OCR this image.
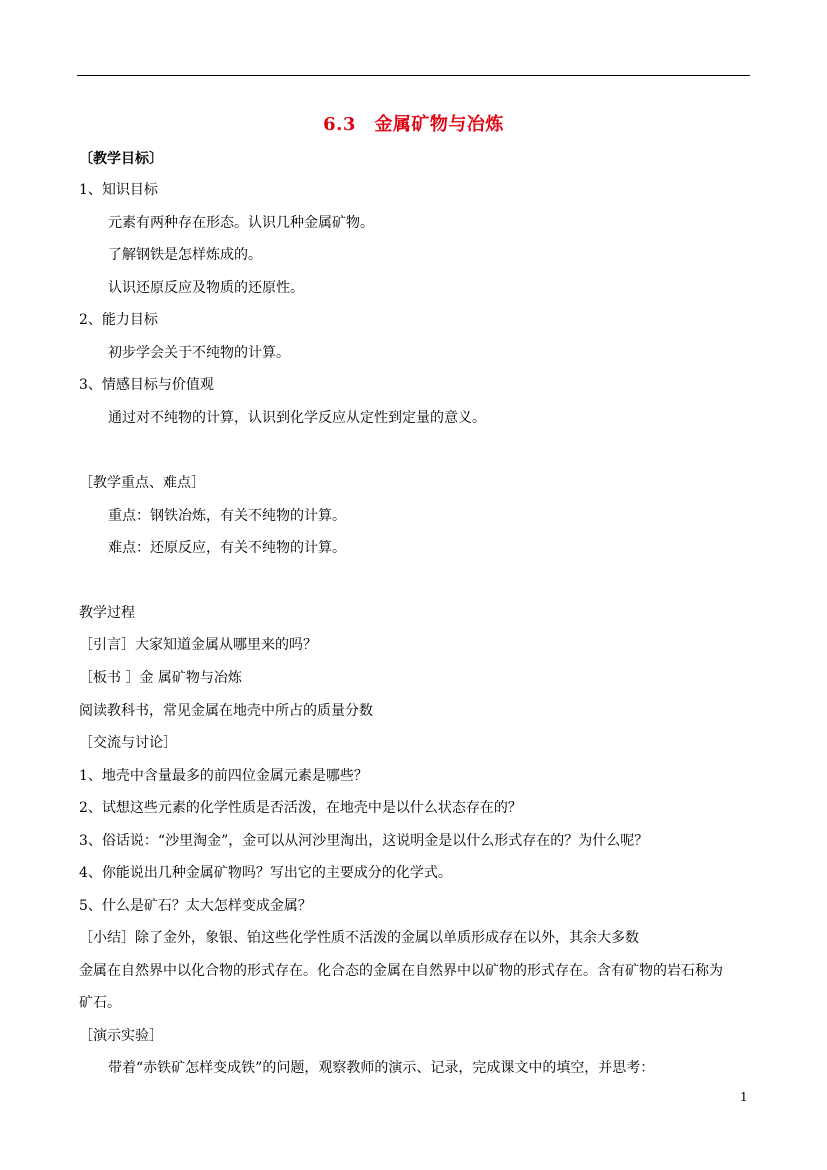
6.3　金属矿物与冶炼
〔教学目标〕
1、知识目标
元素有两种存在形态。认识几种金属矿物。
了解钢铁是怎样炼成的。
认识还原反应及物质的还原性。
2、能力目标
初步学会关于不纯物的计算。
3、情感目标与价值观
通过对不纯物的计算，认识到化学反应从定性到定量的意义。
［教学重点、难点］
重点：钢铁冶炼，有关不纯物的计算。
难点：还原反应，有关不纯物的计算。
教学过程
［引言］大家知道金属从哪里来的吗？
［板书 ］金 属矿物与冶炼
阅读教科书，常见金属在地壳中所占的质量分数
［交流与讨论］
1、地壳中含量最多的前四位金属元素是哪些？
2、试想这些元素的化学性质是否活泼，在地壳中是以什么状态存在的？
3、俗话说：“沙里淘金”，金可以从河沙里淘出，这说明金是以什么形式存在的？为什么呢？
4、你能说出几种金属矿物吗？写出它的主要成分的化学式。
5、什么是矿石？太大怎样变成金属？
［小结］除了金外，象银、铂这些化学性质不活泼的金属以单质形成存在以外，其余大多数
金属在自然界中以化合物的形式存在。化合态的金属在自然界中以矿物的形式存在。含有矿物的岩石称为
矿石。
［演示实验］
带着“赤铁矿怎样变成铁”的问题，观察教师的演示、记录，完成课文中的填空，并思考：
1
